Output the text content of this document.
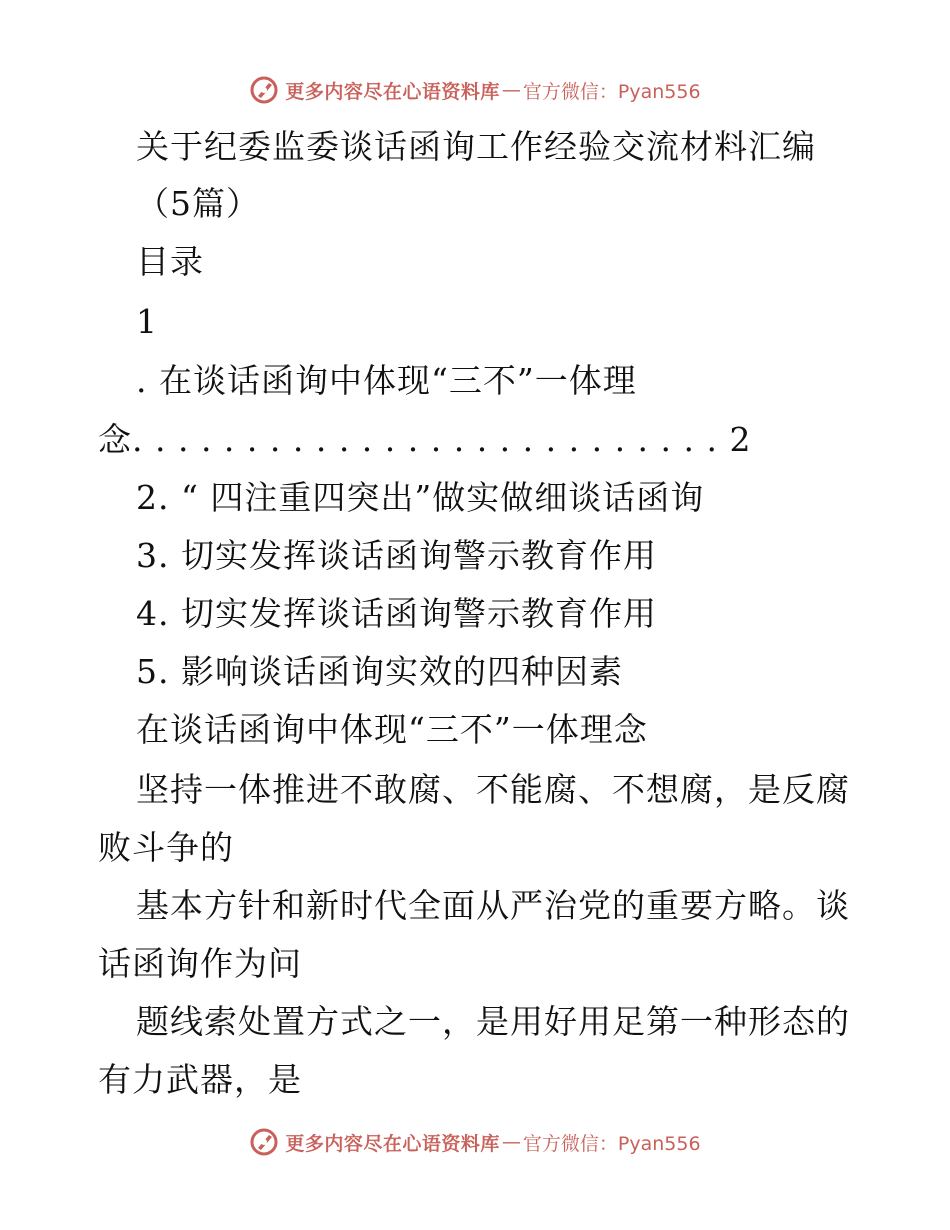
更多内容尽在心语资料库 — 官方微信：Pyan556
关于纪委监委谈话函询工作经验交流材料汇编
（5篇）
目录
1
. 在谈话函询中体现“三不”一体理
念. . . . . . . . . . . . . . . . . . . . . . . . . . 2
2. “ 四注重四突出”做实做细谈话函询
3. 切实发挥谈话函询警示教育作用
4. 切实发挥谈话函询警示教育作用
5. 影响谈话函询实效的四种因素
在谈话函询中体现“三不”一体理念
坚持一体推进不敢腐、不能腐、不想腐，是反腐
败斗争的
基本方针和新时代全面从严治党的重要方略。谈
话函询作为问
题线索处置方式之一，是用好用足第一种形态的
有力武器，是
更多内容尽在心语资料库 — 官方微信：Pyan556
